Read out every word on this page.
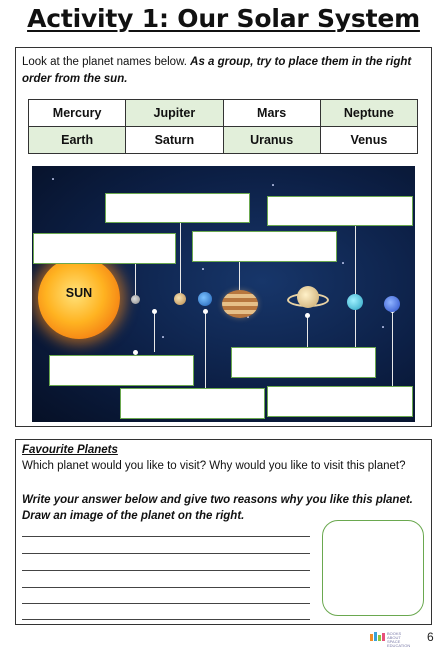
Activity 1: Our Solar System
Look at the planet names below. As a group, try to place them in the right order from the sun.
Mercury	Jupiter	Mars	Neptune
Earth	Saturn	Uranus	Venus
SUN
Favourite Planets
Which planet would you like to visit? Why would you like to visit this planet?
Write your answer below and give two reasons why you like this planet. Draw an image of the planet on the right.
BOOKS ABOUT SPACE EDUCATION
6
